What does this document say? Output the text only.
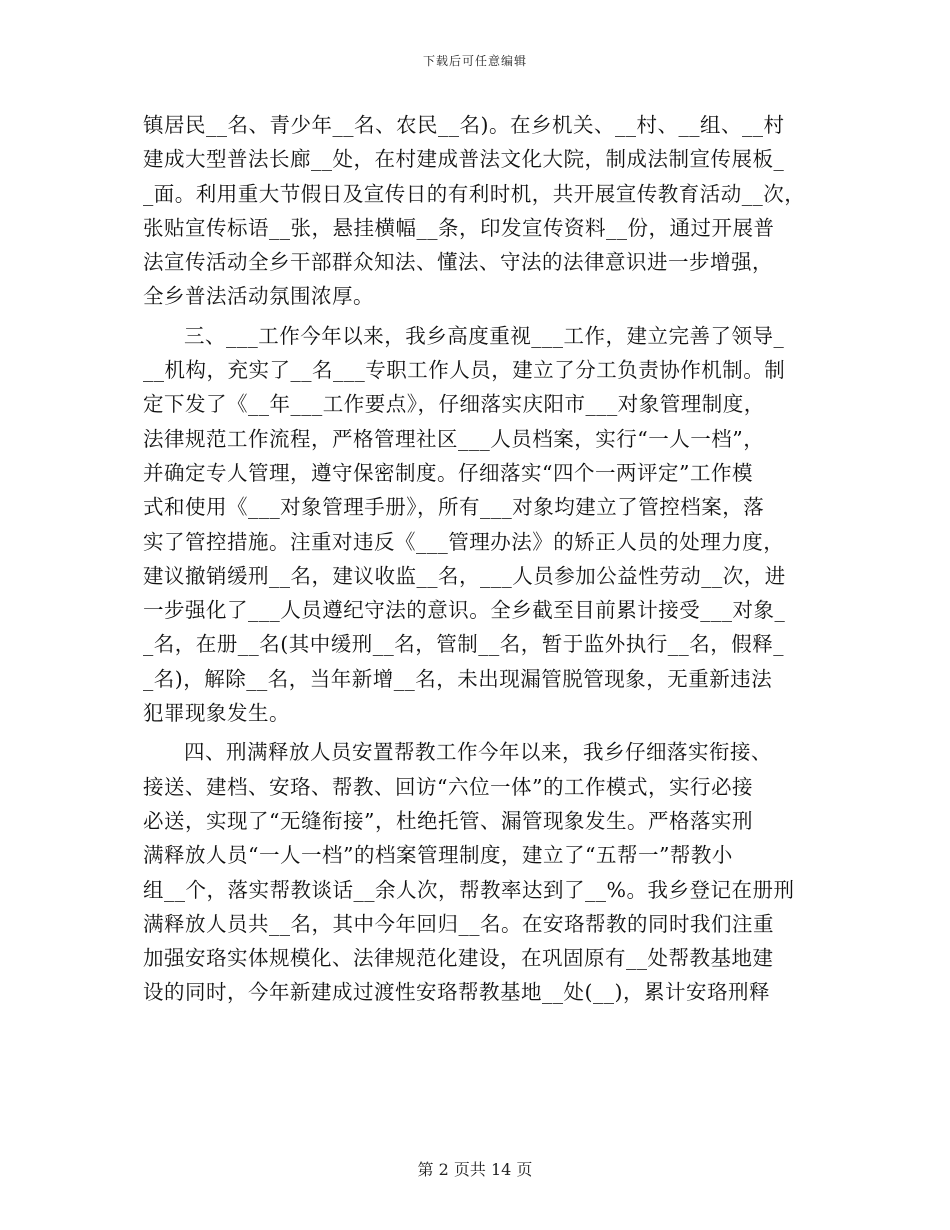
下载后可任意编辑
镇居民__名、青少年__名、农民__名)。在乡机关、__村、__组、__村
建成大型普法长廊__处，在村建成普法文化大院，制成法制宣传展板_
_面。利用重大节假日及宣传日的有利时机，共开展宣传教育活动__次，
张贴宣传标语__张，悬挂横幅__条，印发宣传资料__份，通过开展普
法宣传活动全乡干部群众知法、懂法、守法的法律意识进一步增强，
全乡普法活动氛围浓厚。
三、___工作今年以来，我乡高度重视___工作，建立完善了领导_
__机构，充实了__名___专职工作人员，建立了分工负责协作机制。制
定下发了《__年___工作要点》，仔细落实庆阳市___对象管理制度，
法律规范工作流程，严格管理社区___人员档案，实行“一人一档”，
并确定专人管理，遵守保密制度。仔细落实“四个一两评定”工作模
式和使用《___对象管理手册》，所有___对象均建立了管控档案，落
实了管控措施。注重对违反《___管理办法》的矫正人员的处理力度，
建议撤销缓刑__名，建议收监__名，___人员参加公益性劳动__次，进
一步强化了___人员遵纪守法的意识。全乡截至目前累计接受___对象_
_名，在册__名(其中缓刑__名，管制__名，暂于监外执行__名，假释_
_名)，解除__名，当年新增__名，未出现漏管脱管现象，无重新违法
犯罪现象发生。
四、刑满释放人员安置帮教工作今年以来，我乡仔细落实衔接、
接送、建档、安珞、帮教、回访“六位一体”的工作模式，实行必接
必送，实现了“无缝衔接”，杜绝托管、漏管现象发生。严格落实刑
满释放人员“一人一档”的档案管理制度，建立了“五帮一”帮教小
组__个，落实帮教谈话__余人次，帮教率达到了__%。我乡登记在册刑
满释放人员共__名，其中今年回归__名。在安珞帮教的同时我们注重
加强安珞实体规模化、法律规范化建设，在巩固原有__处帮教基地建
设的同时，今年新建成过渡性安珞帮教基地__处(__)，累计安珞刑释
第 2 页共 14 页
